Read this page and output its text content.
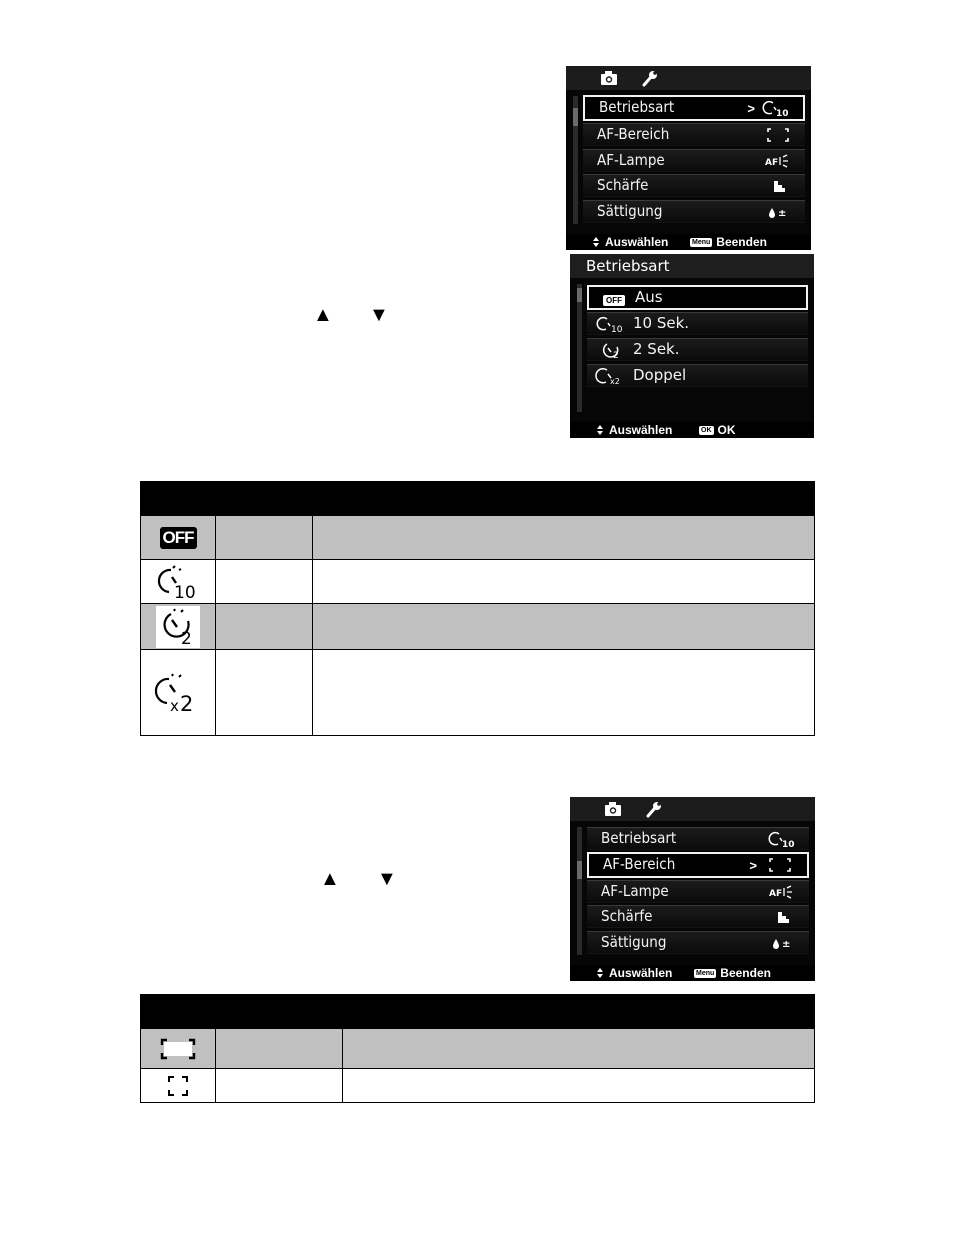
Betriebsart	> 10
AF-Bereich
AF-Lampe	AF
Schärfe
Sättigung	±
Auswählen	Menu Beenden
Betriebsart
OFF Aus
10 10 Sek.
2 2 Sek.
x2 Doppel
Auswählen	OK OK
▲ ▼

OFF		

10		

2		

x 2		

Betriebsart	10
AF-Bereich	>
AF-Lampe	AF
Schärfe
Sättigung	±
Auswählen	Menu Beenden
▲ ▼
